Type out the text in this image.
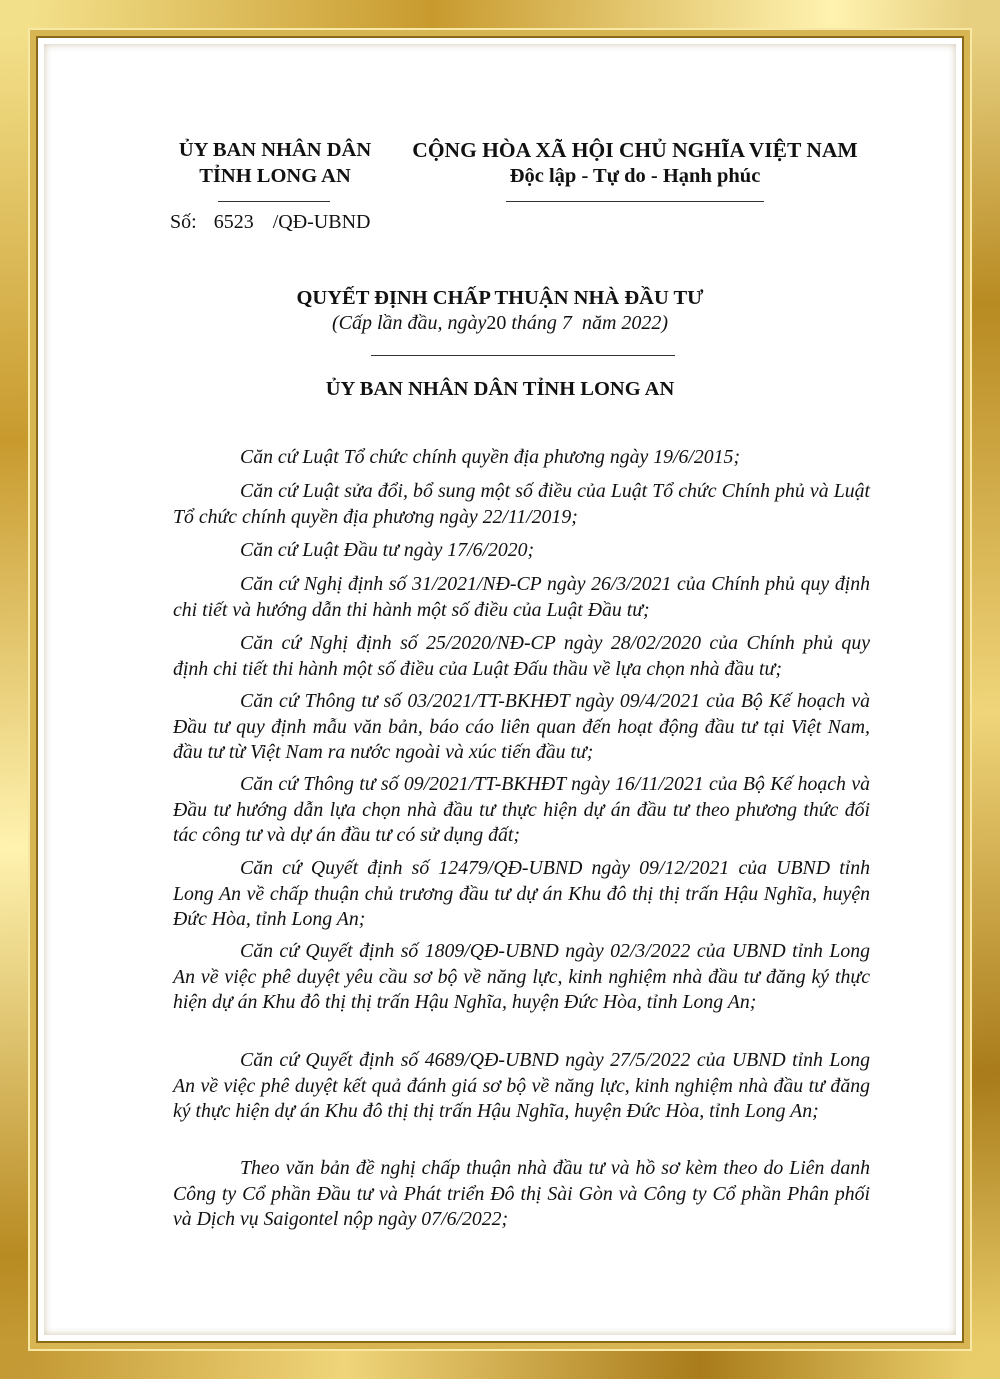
ỦY BAN NHÂN DÂN
TỈNH LONG AN
CỘNG HÒA XÃ HỘI CHỦ NGHĨA VIỆT NAM
Độc lập - Tự do - Hạnh phúc
Số: 6523 /QĐ-UBND
QUYẾT ĐỊNH CHẤP THUẬN NHÀ ĐẦU TƯ
(Cấp lần đầu, ngày20 tháng 7 năm 2022)
ỦY BAN NHÂN DÂN TỈNH LONG AN
Căn cứ Luật Tổ chức chính quyền địa phương ngày 19/6/2015;
Căn cứ Luật sửa đổi, bổ sung một số điều của Luật Tổ chức Chính phủ và Luật Tổ chức chính quyền địa phương ngày 22/11/2019;
Căn cứ Luật Đầu tư ngày 17/6/2020;
Căn cứ Nghị định số 31/2021/NĐ-CP ngày 26/3/2021 của Chính phủ quy định chi tiết và hướng dẫn thi hành một số điều của Luật Đầu tư;
Căn cứ Nghị định số 25/2020/NĐ-CP ngày 28/02/2020 của Chính phủ quy định chi tiết thi hành một số điều của Luật Đấu thầu về lựa chọn nhà đầu tư;
Căn cứ Thông tư số 03/2021/TT-BKHĐT ngày 09/4/2021 của Bộ Kế hoạch và Đầu tư quy định mẫu văn bản, báo cáo liên quan đến hoạt động đầu tư tại Việt Nam, đầu tư từ Việt Nam ra nước ngoài và xúc tiến đầu tư;
Căn cứ Thông tư số 09/2021/TT-BKHĐT ngày 16/11/2021 của Bộ Kế hoạch và Đầu tư hướng dẫn lựa chọn nhà đầu tư thực hiện dự án đầu tư theo phương thức đối tác công tư và dự án đầu tư có sử dụng đất;
Căn cứ Quyết định số 12479/QĐ-UBND ngày 09/12/2021 của UBND tỉnh Long An về chấp thuận chủ trương đầu tư dự án Khu đô thị thị trấn Hậu Nghĩa, huyện Đức Hòa, tỉnh Long An;
Căn cứ Quyết định số 1809/QĐ-UBND ngày 02/3/2022 của UBND tỉnh Long An về việc phê duyệt yêu cầu sơ bộ về năng lực, kinh nghiệm nhà đầu tư đăng ký thực hiện dự án Khu đô thị thị trấn Hậu Nghĩa, huyện Đức Hòa, tỉnh Long An;
Căn cứ Quyết định số 4689/QĐ-UBND ngày 27/5/2022 của UBND tỉnh Long An về việc phê duyệt kết quả đánh giá sơ bộ về năng lực, kinh nghiệm nhà đầu tư đăng ký thực hiện dự án Khu đô thị thị trấn Hậu Nghĩa, huyện Đức Hòa, tỉnh Long An;
Theo văn bản đề nghị chấp thuận nhà đầu tư và hồ sơ kèm theo do Liên danh Công ty Cổ phần Đầu tư và Phát triển Đô thị Sài Gòn và Công ty Cổ phần Phân phối và Dịch vụ Saigontel nộp ngày 07/6/2022;
